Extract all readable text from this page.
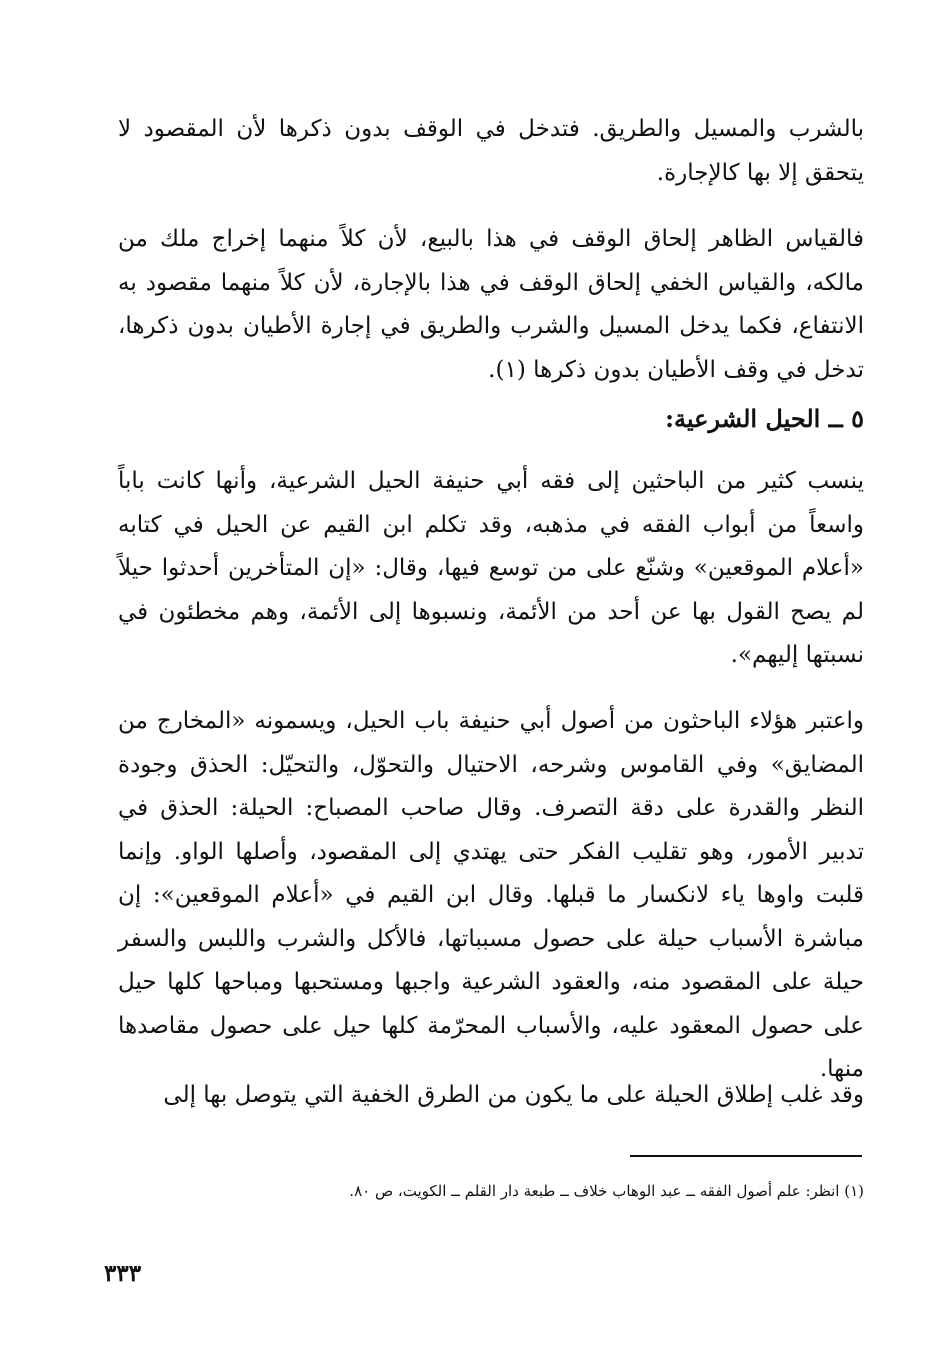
بالشرب والمسيل والطريق. فتدخل في الوقف بدون ذكرها لأن المقصود لا يتحقق إلا بها كالإجارة.

فالقياس الظاهر إلحاق الوقف في هذا بالبيع، لأن كلاً منهما إخراج ملك من مالكه، والقياس الخفي إلحاق الوقف في هذا بالإجارة، لأن كلاً منهما مقصود به الانتفاع، فكما يدخل المسيل والشرب والطريق في إجارة الأطيان بدون ذكرها، تدخل في وقف الأطيان بدون ذكرها (١).

٥ ــ الحيل الشرعية:

ينسب كثير من الباحثين إلى فقه أبي حنيفة الحيل الشرعية، وأنها كانت باباً واسعاً من أبواب الفقه في مذهبه، وقد تكلم ابن القيم عن الحيل في كتابه «أعلام الموقعين» وشنّع على من توسع فيها، وقال: «إن المتأخرين أحدثوا حيلاً لم يصح القول بها عن أحد من الأئمة، ونسبوها إلى الأئمة، وهم مخطئون في نسبتها إليهم».

واعتبر هؤلاء الباحثون من أصول أبي حنيفة باب الحيل، ويسمونه «المخارج من المضايق» وفي القاموس وشرحه، الاحتيال والتحوّل، والتحيّل: الحذق وجودة النظر والقدرة على دقة التصرف. وقال صاحب المصباح: الحيلة: الحذق في تدبير الأمور، وهو تقليب الفكر حتى يهتدي إلى المقصود، وأصلها الواو. وإنما قلبت واوها ياء لانكسار ما قبلها. وقال ابن القيم في «أعلام الموقعين»: إن مباشرة الأسباب حيلة على حصول مسبباتها، فالأكل والشرب واللبس والسفر حيلة على المقصود منه، والعقود الشرعية واجبها ومستحبها ومباحها كلها حيل على حصول المعقود عليه، والأسباب المحرّمة كلها حيل على حصول مقاصدها منها.

وقد غلب إطلاق الحيلة على ما يكون من الطرق الخفية التي يتوصل بها إلى

(١) انظر: علم أصول الفقه ــ عبد الوهاب خلاف ــ طبعة دار القلم ــ الكويت، ص ٨٠.

٣٣٣
